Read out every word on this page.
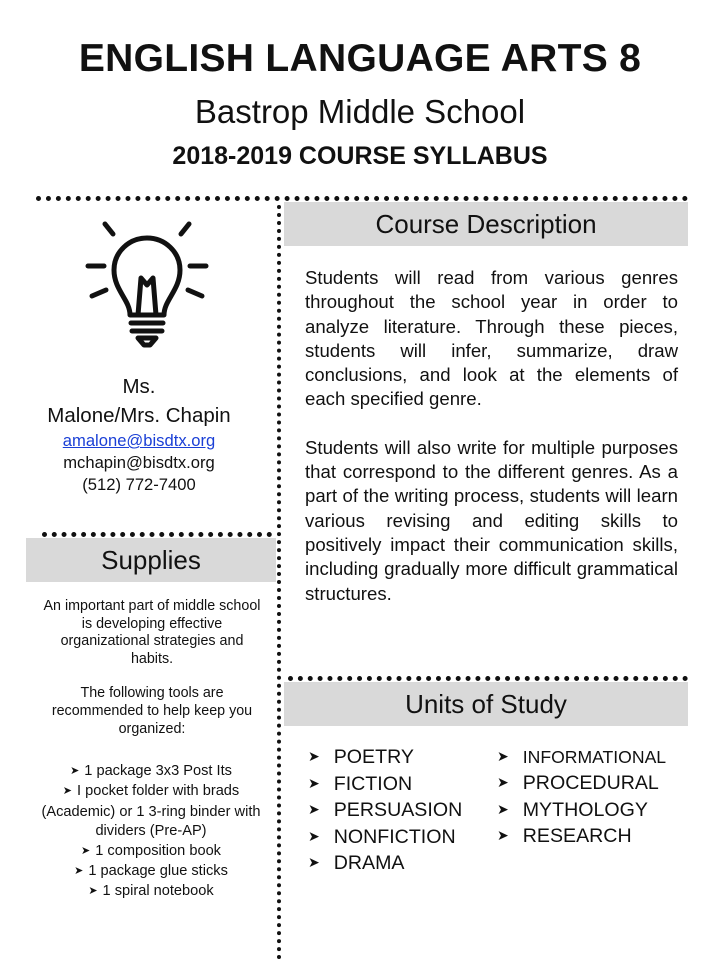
ENGLISH LANGUAGE ARTS 8
Bastrop Middle School
2018-2019 COURSE SYLLABUS
Course Description

Students will read from various genres throughout the school year in order to analyze literature. Through these pieces, students will infer, summarize, draw conclusions, and look at the elements of each specified genre.

Students will also write for multiple purposes that correspond to the different genres. As a part of the writing process, students will learn various revising and editing skills to positively impact their communication skills, including gradually more difficult grammatical structures.

Ms.
Malone/Mrs. Chapin
amalone@bisdtx.org
mchapin@bisdtx.org
(512) 772-7400
Supplies

An important part of middle school is developing effective organizational strategies and habits.

The following tools are recommended to help keep you organized:

➤ 1 package 3x3 Post Its
➤ I pocket folder with brads (Academic) or 1 3-ring binder with dividers (Pre-AP)
➤ 1 composition book
➤ 1 package glue sticks
➤ 1 spiral notebook
Units of Study
➤ POETRY
➤ FICTION
➤ PERSUASION
➤ NONFICTION
➤ DRAMA
➤ INFORMATIONAL
➤ PROCEDURAL
➤ MYTHOLOGY
➤ RESEARCH
